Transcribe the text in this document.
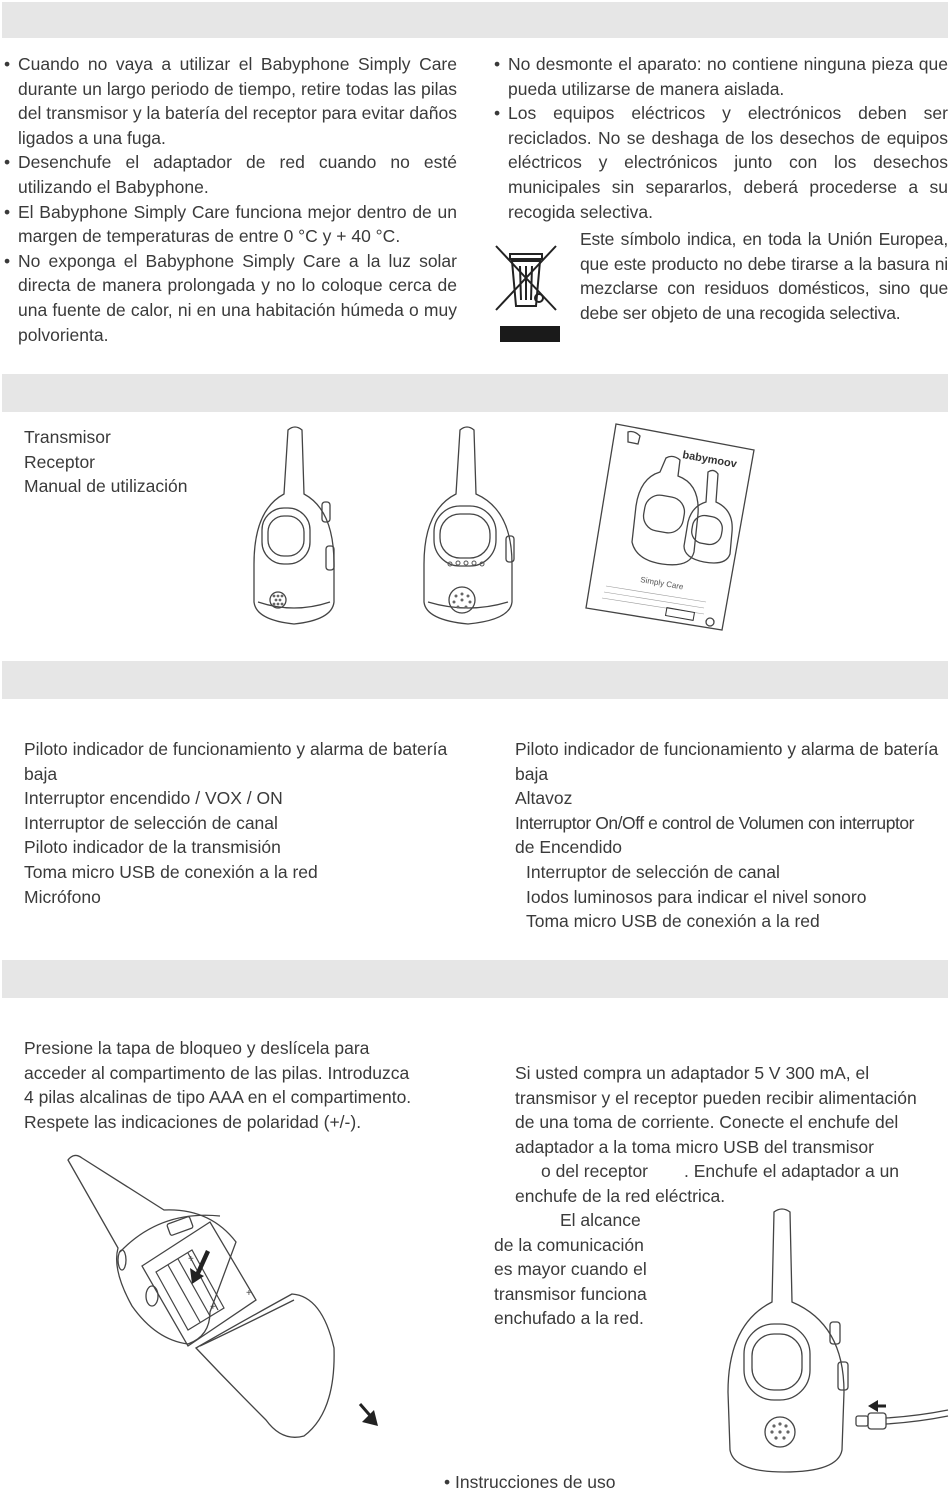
• Cuando no vaya a utilizar el Babyphone Simply Care durante un largo periodo de tiempo, retire todas las pilas del transmisor y la batería del receptor para evitar daños ligados a una fuga.
• Desenchufe el adaptador de red cuando no esté utilizando el Babyphone.
• El Babyphone Simply Care funciona mejor dentro de un margen de temperaturas de entre 0 °C y + 40 °C.
• No exponga el Babyphone Simply Care a la luz solar directa de manera prolongada y no lo coloque cerca de una fuente de calor, ni en una habitación húmeda o muy polvorienta.
• No desmonte el aparato: no contiene ninguna pieza que pueda utilizarse de manera aislada.
• Los equipos eléctricos y electrónicos deben ser reciclados. No se deshaga de los desechos de equipos eléctricos y electrónicos junto con los desechos municipales sin separarlos, deberá procederse a su recogida selectiva.
Este símbolo indica, en toda la Unión Europea, que este producto no debe tirarse a la basura ni mezclarse con residuos domésticos, sino que debe ser objeto de una recogida selectiva.
Transmisor
Receptor
Manual de utilización
babymoov
Simply Care
Piloto indicador de funcionamiento y alarma de batería
baja
Interruptor encendido / VOX / ON
Interruptor de selección de canal
Piloto indicador de la transmisión
Toma micro USB de conexión a la red
Micrófono
Piloto indicador de funcionamiento y alarma de batería
baja
Altavoz
Interruptor On/Off e control de Volumen con interruptor
de Encendido
Interruptor de selección de canal
Iodos luminosos para indicar el nivel sonoro
Toma micro USB de conexión a la red
Presione la tapa de bloqueo y deslícela para
acceder al compartimento de las pilas. Introduzca
4 pilas alcalinas de tipo AAA en el compartimento.
Respete las indicaciones de polaridad (+/-).
+
+
+
Si usted compra un adaptador 5 V 300 mA, el
transmisor y el receptor pueden recibir alimentación
de una toma de corriente. Conecte el enchufe del
adaptador a la toma micro USB del transmisor
o del receptor . Enchufe el adaptador a un
enchufe de la red eléctrica.
El alcance
de la comunicación
es mayor cuando el
transmisor funciona
enchufado a la red.
• Instrucciones de uso
